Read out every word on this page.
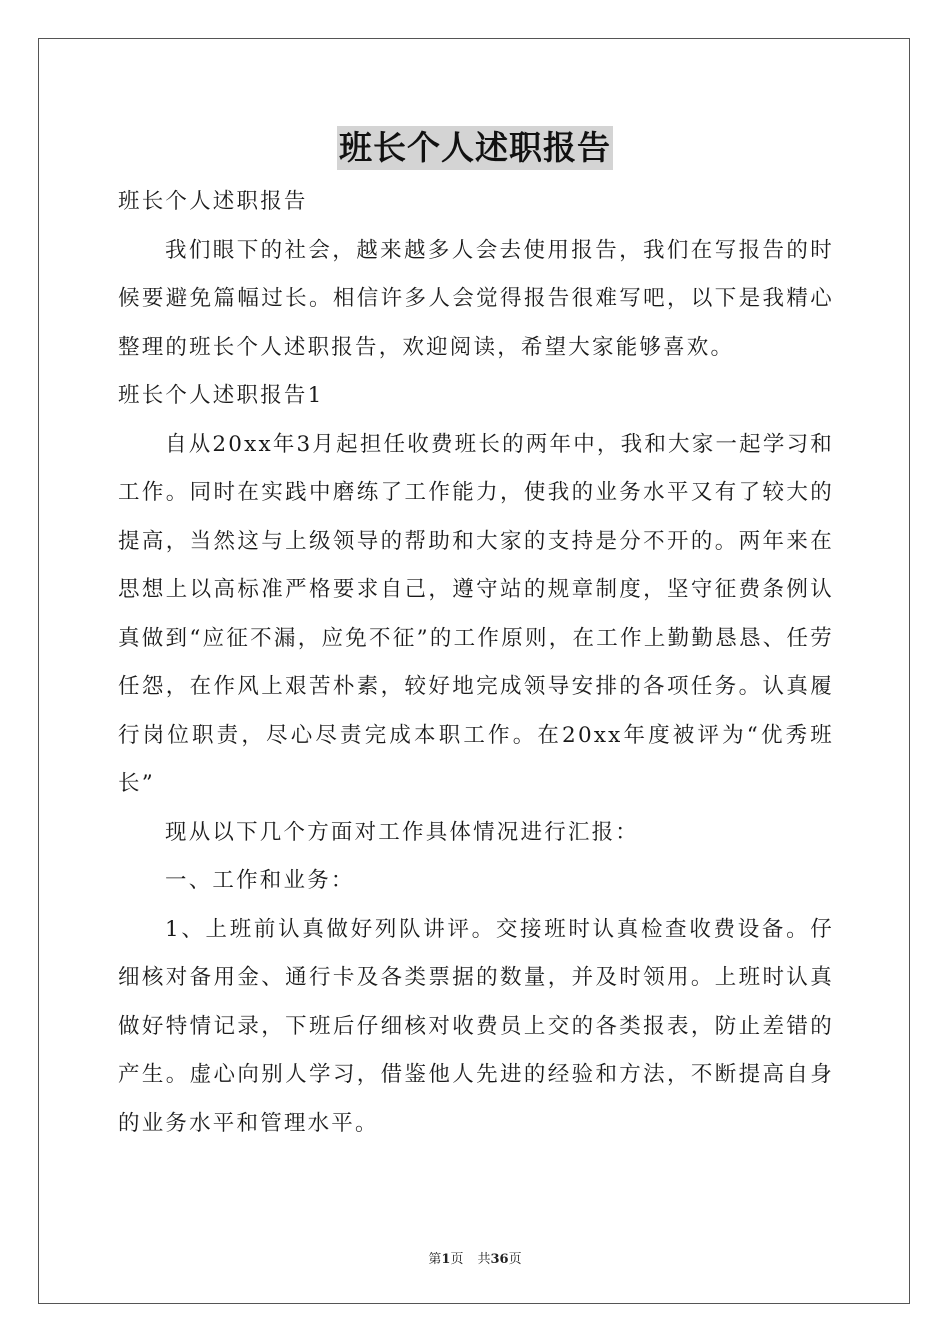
班长个人述职报告

班长个人述职报告

我们眼下的社会，越来越多人会去使用报告，我们在写报告的时候要避免篇幅过长。相信许多人会觉得报告很难写吧，以下是我精心整理的班长个人述职报告，欢迎阅读，希望大家能够喜欢。

班长个人述职报告1

自从20xx年3月起担任收费班长的两年中，我和大家一起学习和工作。同时在实践中磨练了工作能力，使我的业务水平又有了较大的提高，当然这与上级领导的帮助和大家的支持是分不开的。两年来在思想上以高标准严格要求自己，遵守站的规章制度，坚守征费条例认真做到“应征不漏，应免不征”的工作原则，在工作上勤勤恳恳、任劳任怨，在作风上艰苦朴素，较好地完成领导安排的各项任务。认真履行岗位职责，尽心尽责完成本职工作。在20xx年度被评为“优秀班长”

现从以下几个方面对工作具体情况进行汇报：

一、工作和业务：

1、上班前认真做好列队讲评。交接班时认真检查收费设备。仔细核对备用金、通行卡及各类票据的数量，并及时领用。上班时认真做好特情记录，下班后仔细核对收费员上交的各类报表，防止差错的产生。虚心向别人学习，借鉴他人先进的经验和方法，不断提高自身的业务水平和管理水平。

第1页 共36页
